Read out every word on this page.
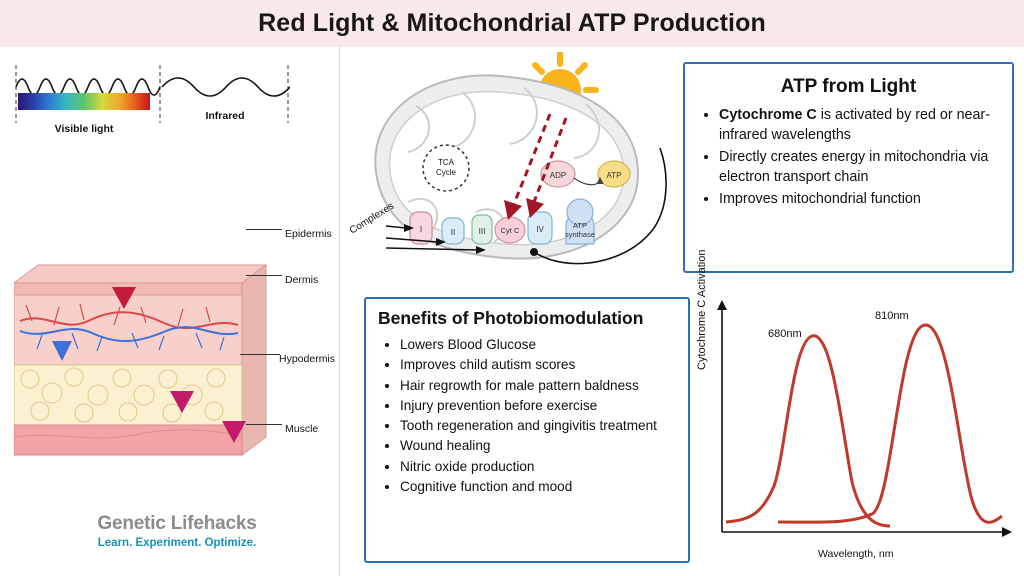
Red Light & Mitochondrial ATP Production
Visible light
Infrared
Epidermis
Dermis
Hypodermis
Muscle
Genetic Lifehacks
Learn. Experiment. Optimize.
TCA
Cycle
I	II	III Cyt C IV	ATP
synthase
ADP	ATP
Complexes
ATP from Light
• Cytochrome C is activated by red or near-infrared wavelengths
• Directly creates energy in mitochondria via electron transport chain
• Improves mitochondrial function
Benefits of Photobiomodulation
• Lowers Blood Glucose
• Improves child autism scores
• Hair regrowth for male pattern baldness
• Injury prevention before exercise
• Tooth regeneration and gingivitis treatment
• Wound healing
• Nitric oxide production
• Cognitive function and mood
680nm
810nm
Cytochrome C Activation
Wavelength, nm
